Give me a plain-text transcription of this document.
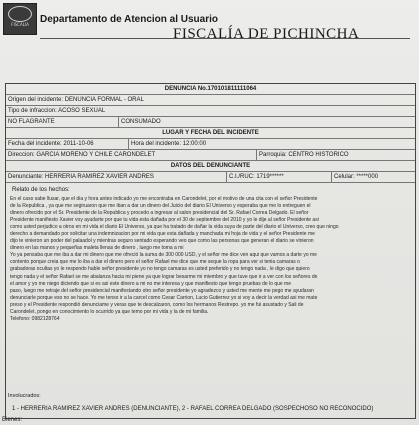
FISCALIA	Departamento de Atencion al Usuario
FISCALÍA DE PICHINCHA
DENUNCIA No.170101811111064
Origen del incidente: DENUNCIA FORMAL - ORAL
Tipo de infraccion: ACOSO SEXUAL
NO FLAGRANTE	CONSUMADO
LUGAR Y FECHA DEL INCIDENTE
Fecha del incidente: 2011-10-06	Hora del incidente: 12:00:00
Direccion: GARCIA MORENO Y CHILE CARONDELET	Parroquia: CENTRO HISTORICO
DATOS DEL DENUNCIANTE
Denunciante: HERRERIA RAMIREZ XAVIER ANDRES	C.I./RUC: 1719******	Celular: *****000
Relato de los hechos:
En el caso sabe llusar, que el dia y hora antes indicado yo me encontraba en Carondelet, por el motivo de una cita con el señor Presidente
de la Republica , ya que me segiruaron que me iban a dar un dinero del Juicio del diario El Universo y esperaba que me lo entreguen el
dinero ofrecido por el Sr. Presidente de la Republica y procedo a ingresar al salon presidencial del Sr. Rafael Correa Delgado. El señor
Presidente manifiesto Xavier voy ayudarte por que tu vida esta dañada por el 30 de septiembre del 2010 y yo le dije al señor Presidente asi
como usted perjudico a otros en mi vida el diario El Universo, ya que ha tratado de dañar la vida suya de parte del diario el Universo, creo que ningo
derecho a demandado por solicitar una indemnizacion por mi vida que esta dañada y manchada mi hoja de vida y el señor Presidente me
dijo te vinieron un poder del palaadol y mientras seguro sentado esperando veo que como las personas que generan el diario se vinieron
dinero en las manos y pequeñas maleta llenas de dinero , luego me toma a mi
Yo ya pensaba que me iba a dar mi dinero que me ofreció la suma de 300 000 USD, y el señor me dice ven aqui que vamos a darte yo me
contento porque creia que me lo iba a dar el dinero pero el señor Rafael me dice que me seque la ropa para ver si tenia camaras o
grabadoras ocultas yo le respondo hable señor presidente yo no tengo camaras es usted preferido y no tengo nada , le digo que quiero
tengo nada y el señor Rafael se me abalanza hacia mi piene ya que lograr besarme mi miembro y que tuve que ir a ver con los señores de
el amor y yo me niego diciendo que si es asi este dinero a mi no me interesa y que manifiesto que tengo pruebas de lo que me
paso, luego me retraje del señor presidencial manifestando otro señor presidente yo agradezco y usted me mente me pego me ayudaran
denunciarle porque eso no se hace. Yo me tenso ir a la carcel como Cesar Carrion, Lucio Gutierrez yo si voy a decir la verdad asi me mate
preso y el Presidente respondió denunciame y veras que te descalzaron, como los hermanos Restrepo. yo me fui asustado y Sali de
Carondelet, pongo en conocimiento lo ocurrido ya que temo por mi vida y la de mi familia.
Telefono: 0982128764
Involucrados:
1 - HERRERIA RAMIREZ XAVIER ANDRES (DENUNCIANTE), 2 - RAFAEL CORREA DELGADO (SOSPECHOSO NO RECONOCIDO)
Bienes:
